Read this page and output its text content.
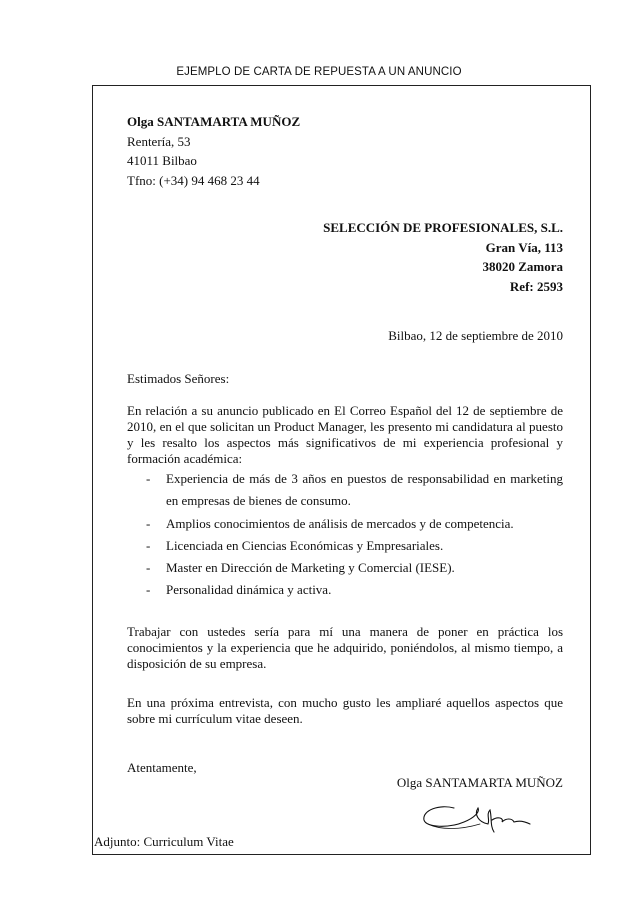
EJEMPLO DE CARTA DE REPUESTA A UN ANUNCIO
Olga SANTAMARTA MUÑOZ
Rentería, 53
41011 Bilbao
Tfno: (+34) 94 468 23 44
SELECCIÓN DE PROFESIONALES, S.L.
Gran Vía, 113
38020 Zamora
Ref: 2593
Bilbao, 12 de septiembre de 2010
Estimados Señores:
En relación a su anuncio publicado en El Correo Español del 12 de septiembre de 2010, en el que solicitan un Product Manager, les presento mi candidatura al puesto y les resalto los aspectos más significativos de mi experiencia profesional y formación académica:
- Experiencia de más de 3 años en puestos de responsabilidad en marketing en empresas de bienes de consumo.
- Amplios conocimientos de análisis de mercados y de competencia.
- Licenciada en Ciencias Económicas y Empresariales.
- Master en Dirección de Marketing y Comercial (IESE).
- Personalidad dinámica y activa.
Trabajar con ustedes sería para mí una manera de poner en práctica los conocimientos y la experiencia que he adquirido, poniéndolos, al mismo tiempo, a disposición de su empresa.
En una próxima entrevista, con mucho gusto les ampliaré aquellos aspectos que sobre mi currículum vitae deseen.
Atentamente,
Olga SANTAMARTA MUÑOZ
Adjunto: Curriculum Vitae
